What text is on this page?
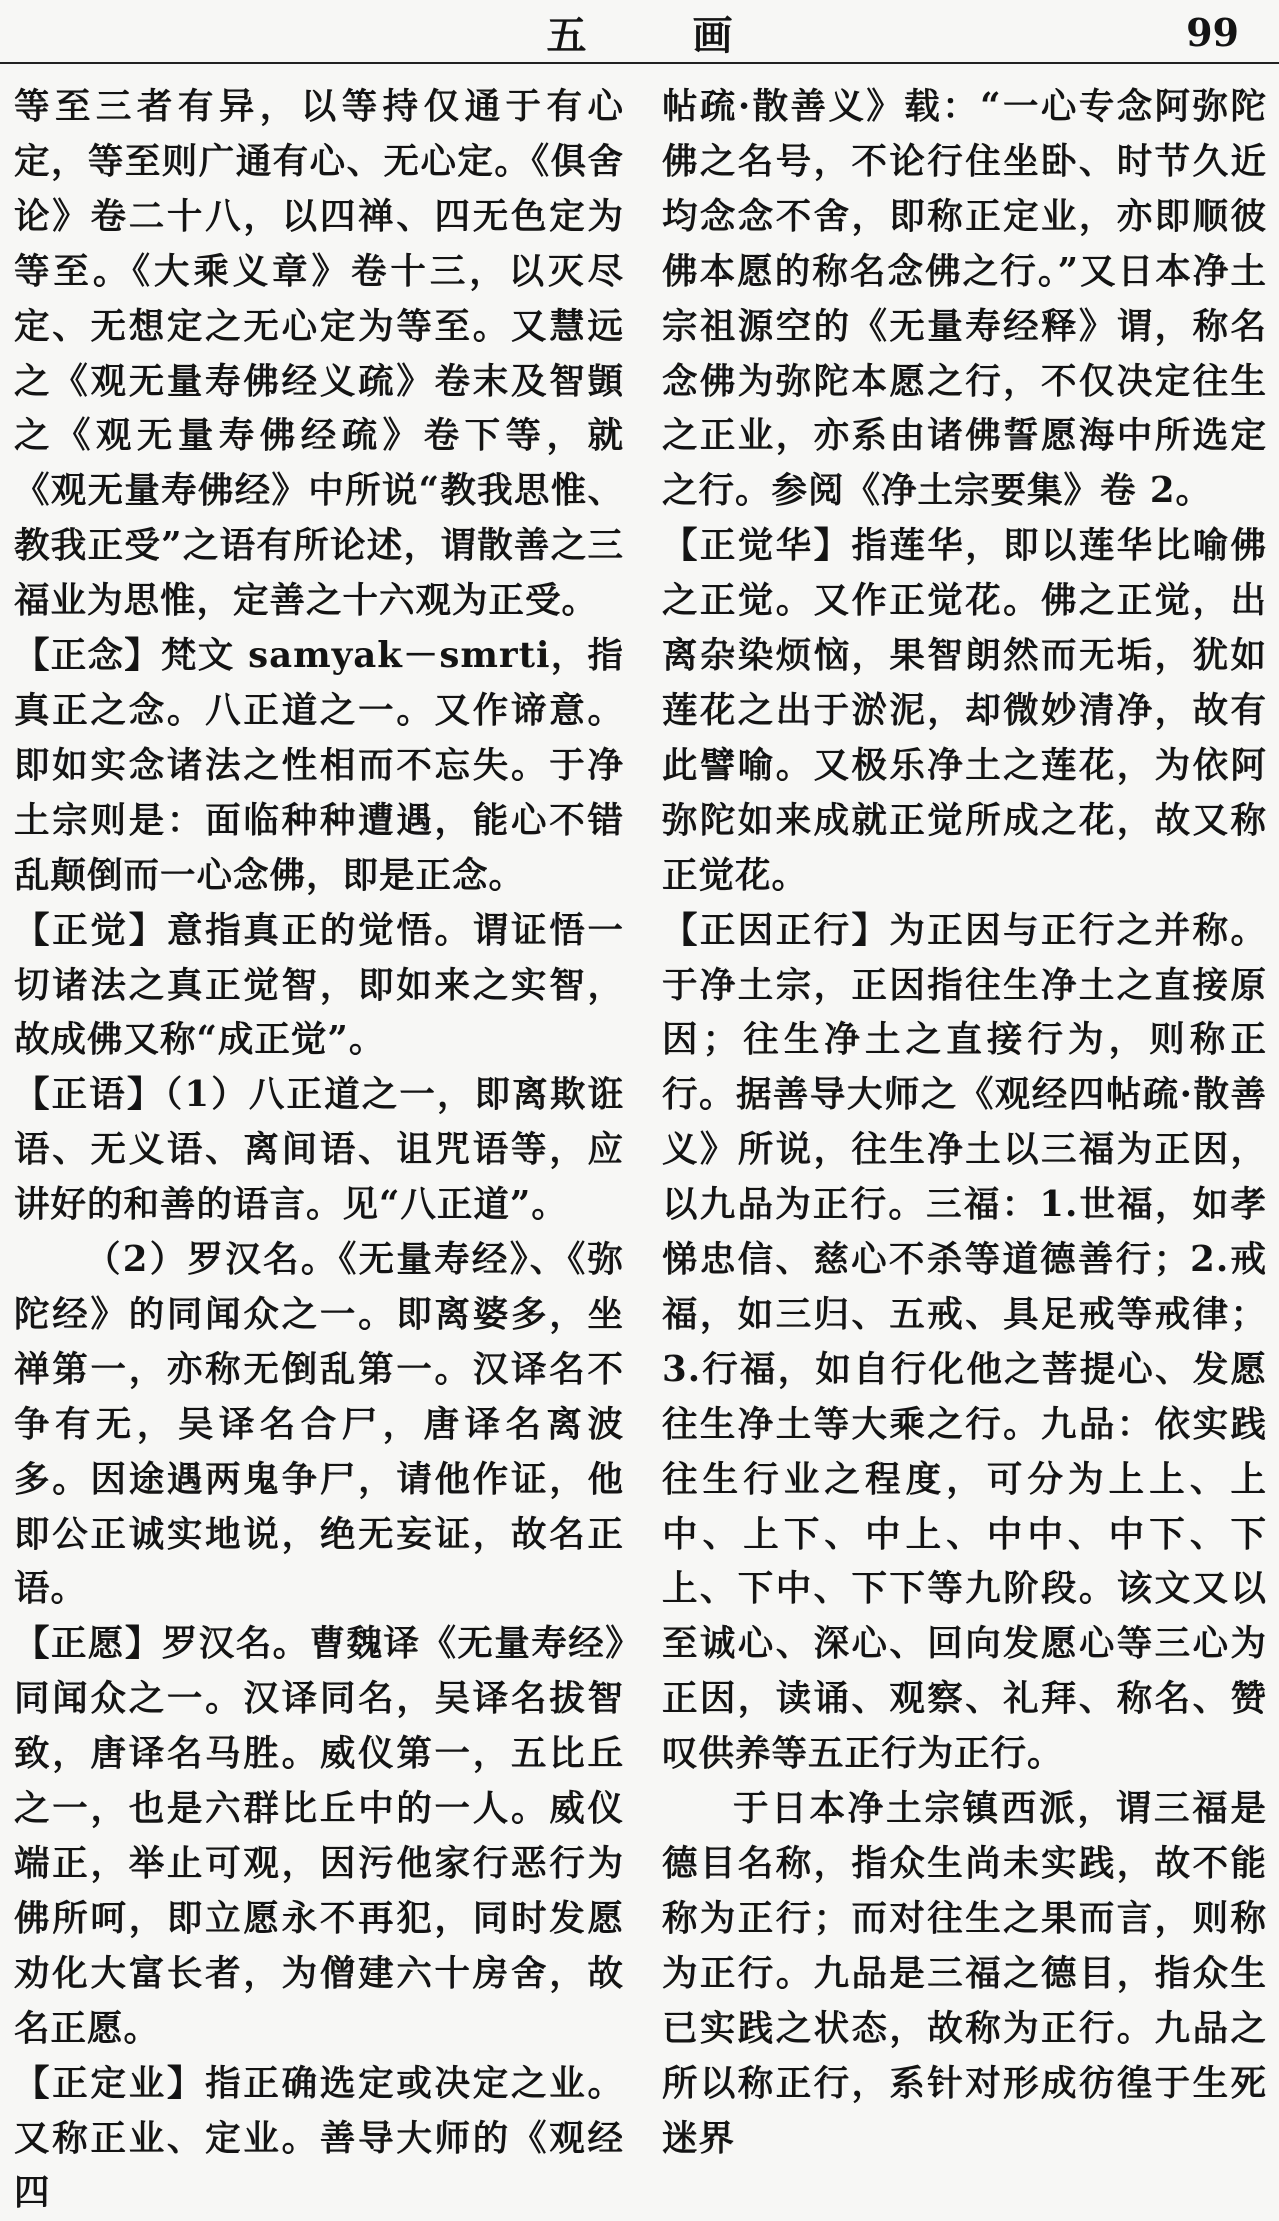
五 画	99

等至三者有异，以等持仅通于有心定，等至则广通有心、无心定。《俱舍论》卷二十八，以四禅、四无色定为等至。《大乘义章》卷十三，以灭尽定、无想定之无心定为等至。又慧远之《观无量寿佛经义疏》卷末及智顗之《观无量寿佛经疏》卷下等，就《观无量寿佛经》中所说“教我思惟、教我正受”之语有所论述，谓散善之三福业为思惟，定善之十六观为正受。

【正念】梵文 samyak－smrti，指真正之念。八正道之一。又作谛意。即如实念诸法之性相而不忘失。于净土宗则是：面临种种遭遇，能心不错乱颠倒而一心念佛，即是正念。

【正觉】意指真正的觉悟。谓证悟一切诸法之真正觉智，即如来之实智，故成佛又称“成正觉”。

【正语】（1）八正道之一，即离欺诳语、无义语、离间语、诅咒语等，应讲好的和善的语言。见“八正道”。

（2）罗汉名。《无量寿经》、《弥陀经》的同闻众之一。即离婆多，坐禅第一，亦称无倒乱第一。汉译名不争有无，吴译名合尸，唐译名离波多。因途遇两鬼争尸，请他作证，他即公正诚实地说，绝无妄证，故名正语。

【正愿】罗汉名。曹魏译《无量寿经》同闻众之一。汉译同名，吴译名拔智致，唐译名马胜。威仪第一，五比丘之一，也是六群比丘中的一人。威仪端正，举止可观，因污他家行恶行为佛所呵，即立愿永不再犯，同时发愿劝化大富长者，为僧建六十房舍，故名正愿。

【正定业】指正确选定或决定之业。又称正业、定业。善导大师的《观经四

帖疏·散善义》载：“一心专念阿弥陀佛之名号，不论行住坐卧、时节久近均念念不舍，即称正定业，亦即顺彼佛本愿的称名念佛之行。”又日本净土宗祖源空的《无量寿经释》谓，称名念佛为弥陀本愿之行，不仅决定往生之正业，亦系由诸佛誓愿海中所选定之行。参阅《净土宗要集》卷 2。

【正觉华】指莲华，即以莲华比喻佛之正觉。又作正觉花。佛之正觉，出离杂染烦恼，果智朗然而无垢，犹如莲花之出于淤泥，却微妙清净，故有此譬喻。又极乐净土之莲花，为依阿弥陀如来成就正觉所成之花，故又称正觉花。

【正因正行】为正因与正行之并称。于净土宗，正因指往生净土之直接原因；往生净土之直接行为，则称正行。据善导大师之《观经四帖疏·散善义》所说，往生净土以三福为正因，以九品为正行。三福：1.世福，如孝悌忠信、慈心不杀等道德善行；2.戒福，如三归、五戒、具足戒等戒律；3.行福，如自行化他之菩提心、发愿往生净土等大乘之行。九品：依实践往生行业之程度，可分为上上、上中、上下、中上、中中、中下、下上、下中、下下等九阶段。该文又以至诚心、深心、回向发愿心等三心为正因，读诵、观察、礼拜、称名、赞叹供养等五正行为正行。

于日本净土宗镇西派，谓三福是德目名称，指众生尚未实践，故不能称为正行；而对往生之果而言，则称为正行。九品是三福之德目，指众生已实践之状态，故称为正行。九品之所以称正行，系针对形成彷徨于生死迷界
